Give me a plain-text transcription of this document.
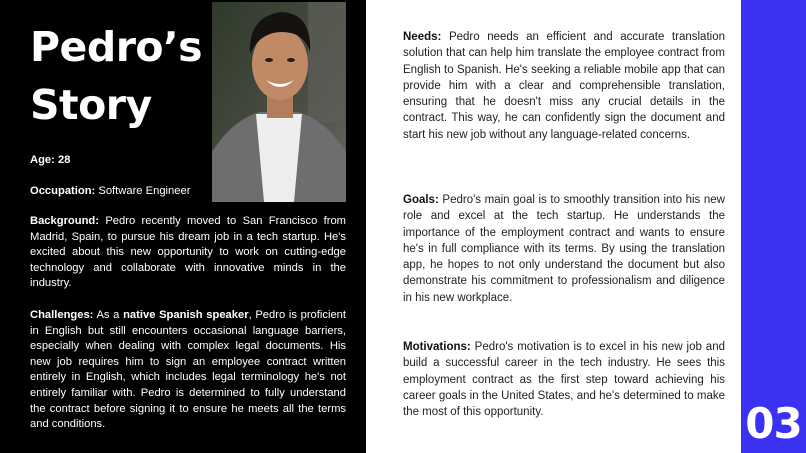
Pedro’s Story
Age: 28
Occupation: Software Engineer

Background: Pedro recently moved to San Francisco from Madrid, Spain, to pursue his dream job in a tech startup. He's excited about this new opportunity to work on cutting-edge technology and collaborate with innovative minds in the industry.

Challenges: As a native Spanish speaker, Pedro is proficient in English but still encounters occasional language barriers, especially when dealing with complex legal documents. His new job requires him to sign an employee contract written entirely in English, which includes legal terminology he's not entirely familiar with. Pedro is determined to fully understand the contract before signing it to ensure he meets all the terms and conditions.

Needs: Pedro needs an efficient and accurate translation solution that can help him translate the employee contract from English to Spanish. He's seeking a reliable mobile app that can provide him with a clear and comprehensible translation, ensuring that he doesn't miss any crucial details in the contract. This way, he can confidently sign the document and start his new job without any language-related concerns.

Goals: Pedro's main goal is to smoothly transition into his new role and excel at the tech startup. He understands the importance of the employment contract and wants to ensure he's in full compliance with its terms. By using the translation app, he hopes to not only understand the document but also demonstrate his commitment to professionalism and diligence in his new workplace.

Motivations: Pedro's motivation is to excel in his new job and build a successful career in the tech industry. He sees this employment contract as the first step toward achieving his career goals in the United States, and he's determined to make the most of this opportunity.	03
